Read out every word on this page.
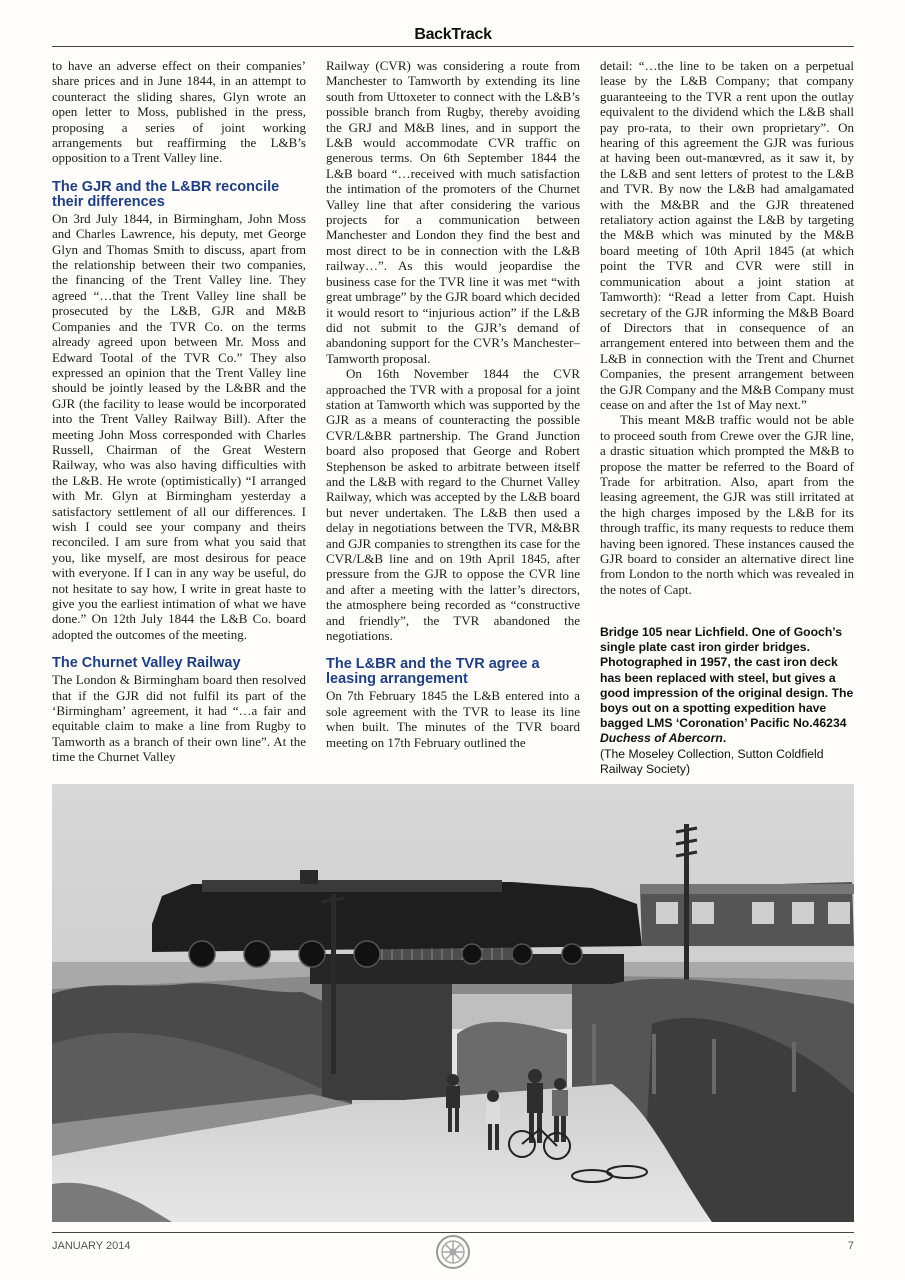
BackTrack

to have an adverse effect on their companies’ share prices and in June 1844, in an attempt to counteract the sliding shares, Glyn wrote an open letter to Moss, published in the press, proposing a series of joint working arrangements but reaffirming the L&B’s opposition to a Trent Valley line.

The GJR and the L&BR reconcile their differences

On 3rd July 1844, in Birmingham, John Moss and Charles Lawrence, his deputy, met George Glyn and Thomas Smith to discuss, apart from the relationship between their two companies, the financing of the Trent Valley line. They agreed “…that the Trent Valley line shall be prosecuted by the L&B, GJR and M&B Companies and the TVR Co. on the terms already agreed upon between Mr. Moss and Edward Tootal of the TVR Co.” They also expressed an opinion that the Trent Valley line should be jointly leased by the L&BR and the GJR (the facility to lease would be incorporated into the Trent Valley Railway Bill). After the meeting John Moss corresponded with Charles Russell, Chairman of the Great Western Railway, who was also having difficulties with the L&B. He wrote (optimistically) “I arranged with Mr. Glyn at Birmingham yesterday a satisfactory settlement of all our differences. I wish I could see your company and theirs reconciled. I am sure from what you said that you, like myself, are most desirous for peace with everyone. If I can in any way be useful, do not hesitate to say how, I write in great haste to give you the earliest intimation of what we have done.” On 12th July 1844 the L&B Co. board adopted the outcomes of the meeting.

The Churnet Valley Railway

The London & Birmingham board then resolved that if the GJR did not fulfil its part of the ‘Birmingham’ agreement, it had “…a fair and equitable claim to make a line from Rugby to Tamworth as a branch of their own line”. At the time the Churnet Valley

Railway (CVR) was considering a route from Manchester to Tamworth by extending its line south from Uttoxeter to connect with the L&B’s possible branch from Rugby, thereby avoiding the GRJ and M&B lines, and in support the L&B would accommodate CVR traffic on generous terms. On 6th September 1844 the L&B board “…received with much satisfaction the intimation of the promoters of the Churnet Valley line that after considering the various projects for a communication between Manchester and London they find the best and most direct to be in connection with the L&B railway…”. As this would jeopardise the business case for the TVR line it was met “with great umbrage” by the GJR board which decided it would resort to “injurious action” if the L&B did not submit to the GJR’s demand of abandoning support for the CVR’s Manchester–Tamworth proposal.

On 16th November 1844 the CVR approached the TVR with a proposal for a joint station at Tamworth which was supported by the GJR as a means of counteracting the possible CVR/L&BR partnership. The Grand Junction board also proposed that George and Robert Stephenson be asked to arbitrate between itself and the L&B with regard to the Churnet Valley Railway, which was accepted by the L&B board but never undertaken. The L&B then used a delay in negotiations between the TVR, M&BR and GJR companies to strengthen its case for the CVR/L&B line and on 19th April 1845, after pressure from the GJR to oppose the CVR line and after a meeting with the latter’s directors, the atmosphere being recorded as “constructive and friendly”, the TVR abandoned the negotiations.

The L&BR and the TVR agree a leasing arrangement

On 7th February 1845 the L&B entered into a sole agreement with the TVR to lease its line when built. The minutes of the TVR board meeting on 17th February outlined the

detail: “…the line to be taken on a perpetual lease by the L&B Company; that company guaranteeing to the TVR a rent upon the outlay equivalent to the dividend which the L&B shall pay pro-rata, to their own proprietary”. On hearing of this agreement the GJR was furious at having been out-manœvred, as it saw it, by the L&B and sent letters of protest to the L&B and TVR. By now the L&B had amalgamated with the M&BR and the GJR threatened retaliatory action against the L&B by targeting the M&B which was minuted by the M&B board meeting of 10th April 1845 (at which point the TVR and CVR were still in communication about a joint station at Tamworth): “Read a letter from Capt. Huish secretary of the GJR informing the M&B Board of Directors that in consequence of an arrangement entered into between them and the L&B in connection with the Trent and Churnet Companies, the present arrangement between the GJR Company and the M&B Company must cease on and after the 1st of May next.”

This meant M&B traffic would not be able to proceed south from Crewe over the GJR line, a drastic situation which prompted the M&B to propose the matter be referred to the Board of Trade for arbitration. Also, apart from the leasing agreement, the GJR was still irritated at the high charges imposed by the L&B for its through traffic, its many requests to reduce them having been ignored. These instances caused the GJR board to consider an alternative direct line from London to the north which was revealed in the notes of Capt.

Bridge 105 near Lichfield. One of Gooch’s single plate cast iron girder bridges. Photographed in 1957, the cast iron deck has been replaced with steel, but gives a good impression of the original design. The boys out on a spotting expedition have bagged LMS ‘Coronation’ Pacific No.46234 Duchess of Abercorn.
(The Moseley Collection, Sutton Coldfield Railway Society)
JANUARY 2014	7
